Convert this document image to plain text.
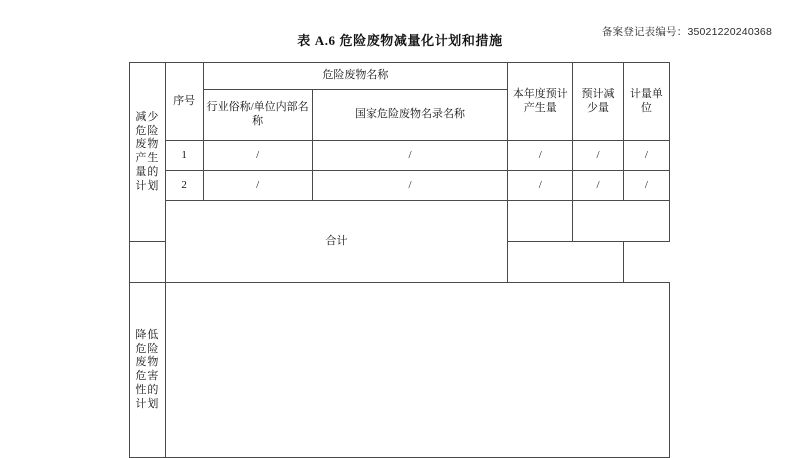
备案登记表编号：35021220240368
表 A.6 危险废物减量化计划和措施
减少危险废物产生量的计划	序号	危险废物名称		本年度预计产生量	预计减少量	计量单位
		行业俗称/单位内部名称	国家危险废物名录名称			
	1	/	/	/	/	/
	2	/	/	/	/	/
	合计					

降低危险废物危害性的计划						
